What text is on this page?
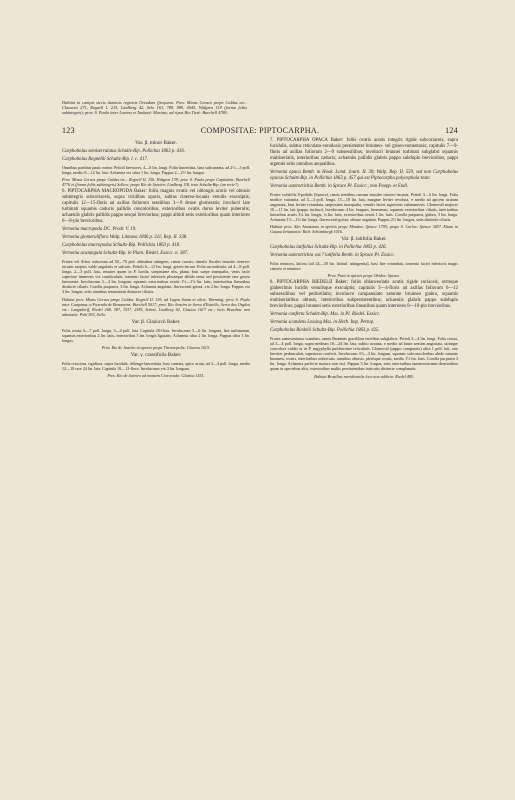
Habitat in campis siccis damosis regionis Orzudum (frequens. Prov. Minas Geraes prope Caldas etc.: Claussen 271, Regnell I. 215, Lindberg 42, Selo 163, 789, 989, 4045, Widgren 119 (forma foliis subintegris); prov. S. Paulo inter Lorena et Taubaté: Martius; ad ripas Rio Tieté: Burchell 4780.
123	COMPOSITAE: PIPTOCARPHA.	124

Var. β. minor Baker.

Carphobolus semiserrulatus Schultz-Bip. Pollichia 1863 p. 416.

Carphobolus Regnellii Schultz-Bip. l. c. 417.

Omnibus partibus paulo minor. Petioli breviores, 4—6 lin. longi. Folia lanceolata, basi subcuneata, ad 2½—3 poll. longa, medio 8—12 lin. lata. Achaenia vix ultra 1 lin. longa. Pappus 2—2½ lin. longus.

Prov. Minas Geraes prope Caldas etc.: Regnell II. 150, Widgren 178; prov. S. Paulo prope Capitalem: Burchell 4776 et (forma foliis subintegris) Sellow; prope Rio de Janeiro: Lindberg 118, teste Schultz-Bip. (an recte?).

6. PIPTOCARPHA MACROPODA Baker: foliis magnis ovatis vel oblongis acutis vel obtusis subintegris subcoriaceis, supra viridibus opacis, subtus cinereo-incanis venulis exsculptis; capitulis 12—15-floris ad axillas foliorum sessilibus 3—9 densе glomeratis; involucri late turbinati squamis caducis pallidis concoloribus, exterioribus ovatis dorso leviter puberulis; achaeniis glabris pallidis pappo sesqui breviorbus; pappi albidi setis exterioribus quam interiores 6—8-plo brevioribus.

Vernonia macropoda DC. Prodr. V. 19.

Vernonia glomeruliflora Walp. Linnaea 1840 p. 311, Rep. II. 338.

Carphobolus macropodus Schultz-Bip. Pollichia 1863 p. 418.

Vernonia acutangula Schultz-Bip. in Plant. Riedel. Exsicc. n. 387.

Frutex vel Arbor subcorata ad 50—70 ped. altitudine attingens, ramis crassis, rimulis florales tenuiter cinereo-incanis saepius valde angulatis et sulcatis. Petioli 6—12 lin. longi, griseo-incani. Folia ascendentia, ad 4—8 poll. longa, 2—3 poll. lata, tenuiter quam in P. lucida, saepissime obs, plana, basi saepe inaequalia, venis facie superiore immersis vix canaliculatis, tomento faciei inferioris pleraeque albido tenui sed persistente rare griseo lutescente. Involucrum 3—4 lin. longum, squamis exterioribus ovatis 1½—1½ lin. latis, interioribus linearibus distincte ciliatis. Corolla purpurea, 3 lin. longa. Achaenia angulata, flavescenti-grisea, vix 2 lin. longa. Pappus vix 3 lin. longus, setis omnibus tenuissimis distincte ciliatis.

Habitat prov. Minas Geraes prope Caldas: Regnell II. 110; ad Lagoa Santa in silvis: Warming; prov. S. Paulo inter Campinas et Fazenda de Bananeira: Burchell 5017; prov. Rio Janeiro in Serra d'Estrella, Serra dos Orgãos etc.: Langsdorff, Riedel 268, 387, 1537, 2385, Schott, Lindberg 62, Glaziou 1617 etc.; locis Brasiliae non adnotatis: Pohl 593, Sello.

Var. β. Glaziovii Baker.

Folia ovata, 6—7 poll. longa, 3—4 poll. lata. Capitula 20-flora. Involucrum 5—6 lin. longum, late turbinatum, squamis exterioribus 2 lin. latis, interioribus 5 lin. longis liguiatis. Achaenia ultra 2 lin. longa. Pappus ultra 3 lin. longus.

Prov. Rio de Janeiro in apricis prope Therezopolis: Glaziou 1615.

Var. γ. crassifolia Baker.

Folia crassiora, rigidiora, supra lucidula, oblongo-lanceolata, basi cuneata, apice acuta, ad 3—4 poll. longa, medio 12—18 rare 24 lin. lata. Capitula 10—12-flora. Involucrum vix 3 lin. longum.

Prov. Rio de Janeiro ad montem Corcovado: Glaziou 1551.

7. PIPTOCARPHA OPACA Baker: foliis ovatis acutis integris rigide subcoriaceis, supra lucidulis, subtus reticulato-venulosis persistenter brunneo- vel griseo-tomentosis; capitulis 7—9-floris ad axillas foliorum 2—9 subsessilibus; involucri brunnei turbinati subglabri squamis multiseriatis, interioribus caducis; achaeniis pallidis glabris pappo subduplo brevioribus; pappi argentei setis omnibus aequalibus.

Vernonia opaca Benth. in Hook. Lond. Journ. II. 39; Walp. Rep. II. 559, sed non Carphobolus opacus Schultz-Bip. in Pollichia 1863 p. 457 qui est Piptocarpha polycephala teste.

Vernonia asterotrichia Benth. in Spruce Pl. Exsicc., non Poepp. et Endl.

Frutex volubilis 8-pedalis (Spruce), ramis teretibus cursum tenuiter cinereo-incanis. Petioli 3—6 lin. longi. Folia modice variantia, ad 3—4 poll. longa, 15—18 lin. lata, margine leviter revoluta, e medio ad apicem acutum angustata, basi leviter rotundata, saepissime inaequalia, venulis faciei superioris subimmersis. Glomeruli majores 10—11 lin. lati (pappo incluso). Involucrum 4 lin. longum, brunneum, squamis exterioribus ciliatis, interioribus linearibus acutis 3¼ lin. longis, ¼ lin. latis, exterioribus ovatis 1 lin. latis. Corolla purpurea, glabra, 3 lin. longa. Achaenia 1½—1¾ lin. longa, flavescenti-grisea, obtuse angulata. Pappus 2½ lin. longus, setis distincte ciliatis.

Habitat prov. Alto Amazonas in apricis prope Manáos: Spruce 1795; prope S. Carlos: Spruce 3457. Etiam in Guiana britannica: Rich. Schomburgk 1016.

Var. β. latifolia Baker.

Carphobolus latifolius Schultz-Bip. in Pollichia 1863 p. 426.

Vernonia asterotrichia var.? latifolia Benth. in Spruce Pl. Exsicc.

Folia tenuiora, latiora (ad 24—30 lin. latitud. attingentia), basi late rotundata, tomento faciei inferioris magis cinereo et tenuiore.

Prov. Pará in apricis prope Obidos: Spruce.

8. PIPTOCARPHA RIEDELII Baker: foliis oblanceolatis acutis rigide coriaceis, utrinque glaberrimis lucidis venulisque exsculptis; capitulis 3—4-floris ad axillas foliorum 6—12 subsessilibus vel pedicellatis; involucro campanulato saturate brunneo glabro, squamis multiseriatibus obtusis, interioribus subpersistentibus; achaeniis glabris pappo subduplo brevioribus; pappi brunnei setis exterioribus linearibus quam interiores 8—10-plo brevioribus.

Vernonia conferta Schultz-Bip. Mss. in Pl. Riedel. Exsicc.

Vernonia scandens Lessing Mss. in Herb. Imp. Petrop.

Carphobolus Riedelii Schultz-Bip. Pollichia 1863 p. 425.

Frutex ramosissimus scandens, ramis Brunneis gracilibus teretibus subglabris. Petioli 3—4 lin. longi. Folia crassa, ad 3—4 poll. longa, supra medium 10—24 lin. lata, subito acutata, e medio ad basin sensim angustata, utrinque concolora viridis ut in P. angyphylla pulcherrime reticulatis. Glomeruli (pappo computato) ultra 1 poll. lati, rare breviter pedunculati, superiores conferti. Involucrum 3½—3 lin. longum, squamis subconcoloribus abide saturate brunneis, ovatis, interioribus imbricatis, omnibus obtusis, plerisque ovatis, medio 1½ lin. latis. Corolla purpurea 3 lin. longa. Achaenia perfecte matura non visi. Pappus 3 lin. longus, setis interioribus numerosissimis densioribus quam in speciebus aliis, exterioribus multis persistentibus intricatis distincte complanatis.

Habitat Brasiliae meridionalis loco non addicto: Riedel 485.
